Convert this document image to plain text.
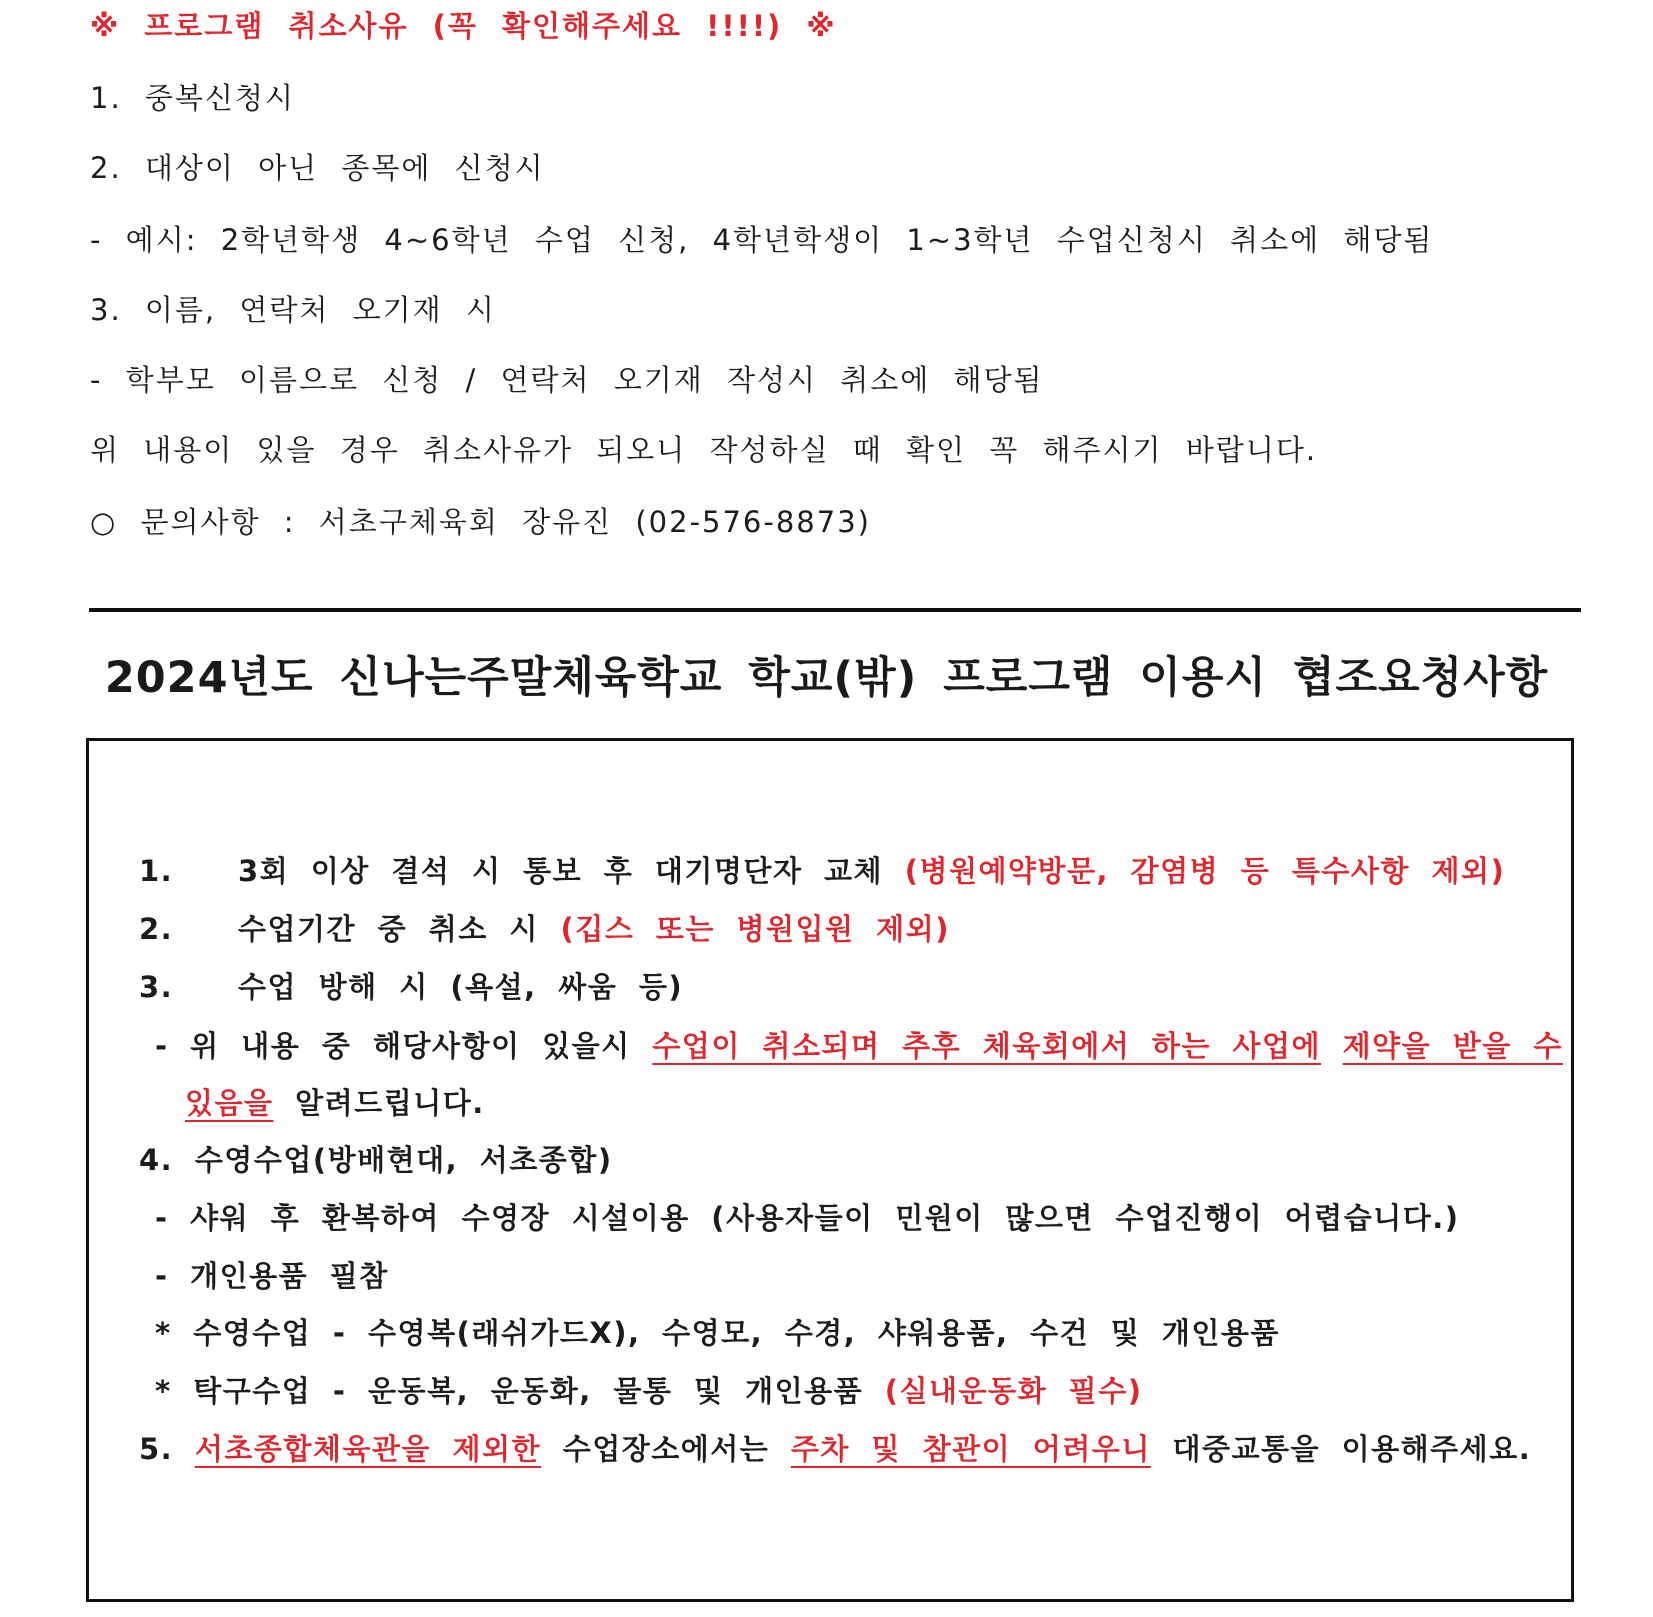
※ 프로그램 취소사유 (꼭 확인해주세요 !!!!) ※
1. 중복신청시
2. 대상이 아닌 종목에 신청시
- 예시: 2학년학생 4~6학년 수업 신청, 4학년학생이 1~3학년 수업신청시 취소에 해당됨
3. 이름, 연락처 오기재 시
- 학부모 이름으로 신청 / 연락처 오기재 작성시 취소에 해당됨
위 내용이 있을 경우 취소사유가 되오니 작성하실 때 확인 꼭 해주시기 바랍니다.
○ 문의사항 : 서초구체육회 장유진 (02-576-8873)
2024년도 신나는주말체육학교 학교(밖) 프로그램 이용시 협조요청사항
1. 3회 이상 결석 시 통보 후 대기명단자 교체 (병원예약방문, 감염병 등 특수사항 제외)
2. 수업기간 중 취소 시 (깁스 또는 병원입원 제외)
3. 수업 방해 시 (욕설, 싸움 등)
- 위 내용 중 해당사항이 있을시 수업이 취소되며 추후 체육회에서 하는 사업에 제약을 받을 수
있음을 알려드립니다.
4. 수영수업(방배현대, 서초종합)
- 샤워 후 환복하여 수영장 시설이용 (사용자들이 민원이 많으면 수업진행이 어렵습니다.)
- 개인용품 필참
* 수영수업 - 수영복(래쉬가드X), 수영모, 수경, 샤워용품, 수건 및 개인용품
* 탁구수업 - 운동복, 운동화, 물통 및 개인용품 (실내운동화 필수)
5. 서초종합체육관을 제외한 수업장소에서는 주차 및 참관이 어려우니 대중교통을 이용해주세요.
